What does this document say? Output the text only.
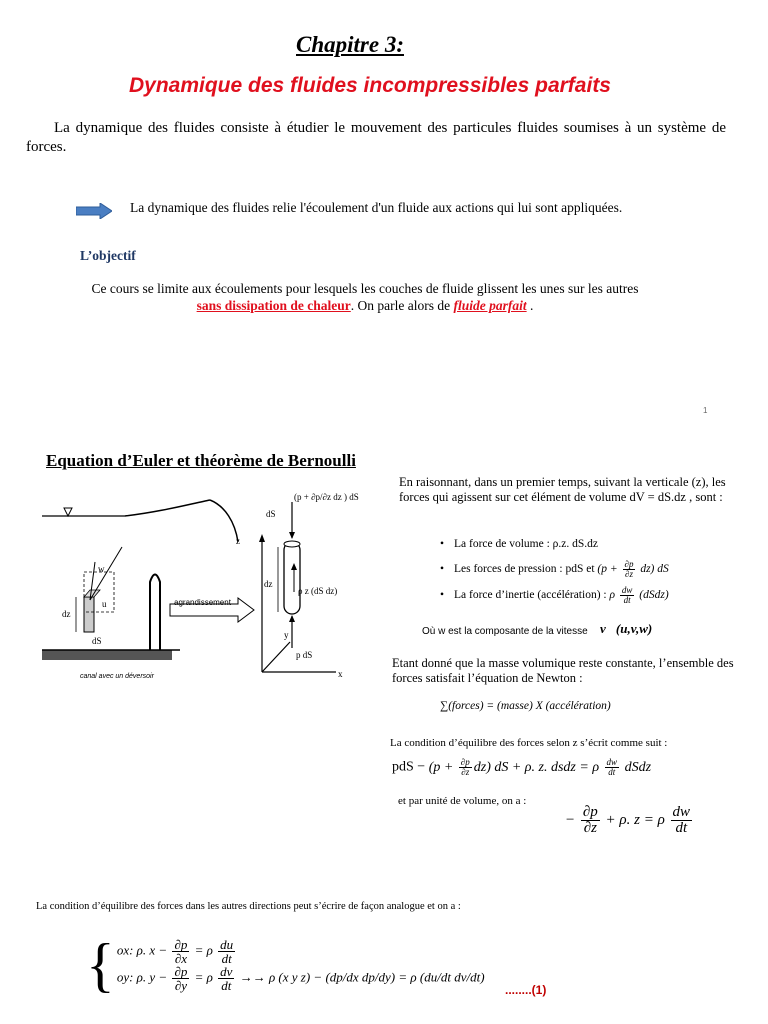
Chapitre 3:
Dynamique des fluides incompressibles parfaits
La dynamique des fluides consiste à étudier le mouvement des particules fluides soumises à un système de forces.
La dynamique des fluides relie l'écoulement d'un fluide aux actions qui lui sont appliquées.
L’objectif
Ce cours se limite aux écoulements pour lesquels les couches de fluide glissent les unes sur les autres
sans dissipation de chaleur. On parle alors de fluide parfait .
1
Equation d’Euler et théorème de Bernoulli
dz
w
u
dS
canal avec un déversoir
agrandissement
z
x
y
dz
dS
(p + ∂p/∂z dz ) dS
ρ z (dS dz)
p dS
En raisonnant, dans un premier temps, suivant la verticale (z), les forces qui agissent sur cet élément de volume dV = dS.dz , sont :
• La force de volume : ρ.z. dS.dz
• Les forces de pression : pdS et $(p + \frac{\partial p}{\partial z} dz)$ dS
• La force d’inertie (accélération) : ρ $\frac{dw}{dt}$ (dSdz)
Où w est la composante de la vitesse v⃗(u,v,w)
Etant donné que la masse volumique reste constante, l’ensemble des forces satisfait l’équation de Newton :
∑(forces) = (masse) X (accélération)
La condition d’équilibre des forces selon z s’écrit comme suit :
pdS − $(p + \frac{\partial p}{\partial z} dz)$ dS + ρ. z. dsdz = ρ $\frac{dw}{dt}$ dSdz
et par unité de volume, on a :
− $\frac{\partial p}{\partial z} + \rho$. z = ρ $\frac{dw}{dt}$
La condition d’équilibre des forces dans les autres directions peut s’écrire de façon analogue et on a :
{ ox: ρ. $x - \frac{\partial p}{\partial x} = \rho \frac{du}{dt}$
oy: ρ. $y - \frac{\partial p}{\partial y} = \rho \frac{dv}{dt} \to\to \rho$ (x y z) − (dp/dx dp/dy) = ρ (du/dt dv/dt)
........(1)
